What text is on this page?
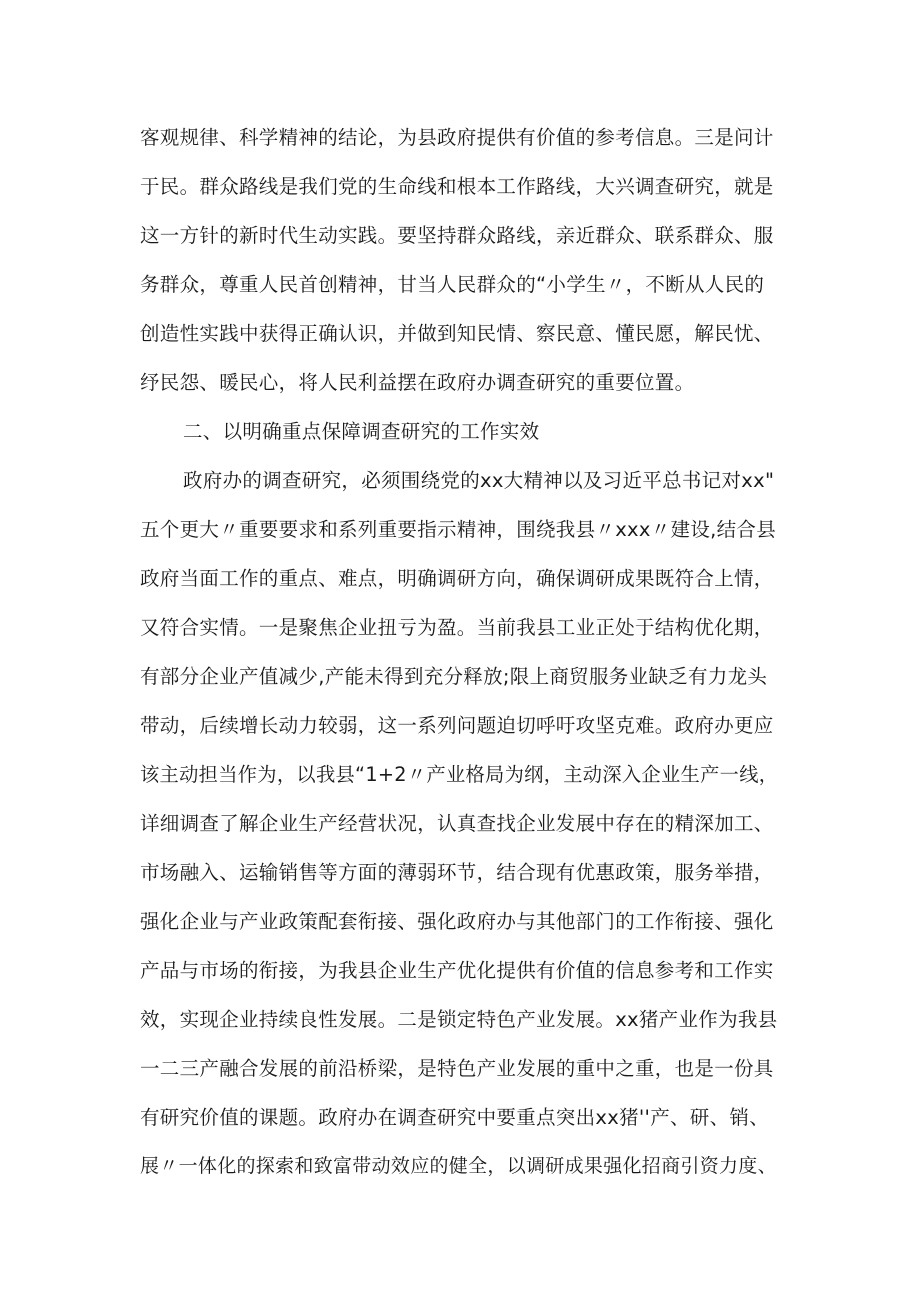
客观规律、科学精神的结论，为县政府提供有价值的参考信息。三是问计
于民。群众路线是我们党的生命线和根本工作路线，大兴调查研究，就是
这一方针的新时代生动实践。要坚持群众路线，亲近群众、联系群众、服
务群众，尊重人民首创精神，甘当人民群众的“小学生〃，不断从人民的
创造性实践中获得正确认识，并做到知民情、察民意、懂民愿，解民忧、
纾民怨、暖民心，将人民利益摆在政府办调查研究的重要位置。
二、以明确重点保障调查研究的工作实效
政府办的调查研究，必须围绕党的xx大精神以及习近平总书记对xx"
五个更大〃重要要求和系列重要指示精神，围绕我县〃xxx〃建设,结合县
政府当面工作的重点、难点，明确调研方向，确保调研成果既符合上情，
又符合实情。一是聚焦企业扭亏为盈。当前我县工业正处于结构优化期，
有部分企业产值减少,产能未得到充分释放;限上商贸服务业缺乏有力龙头
带动，后续增长动力较弱，这一系列问题迫切呼吁攻坚克难。政府办更应
该主动担当作为，以我县“1+2〃产业格局为纲，主动深入企业生产一线，
详细调查了解企业生产经营状况，认真查找企业发展中存在的精深加工、
市场融入、运输销售等方面的薄弱环节，结合现有优惠政策，服务举措，
强化企业与产业政策配套衔接、强化政府办与其他部门的工作衔接、强化
产品与市场的衔接，为我县企业生产优化提供有价值的信息参考和工作实
效，实现企业持续良性发展。二是锁定特色产业发展。xx猪产业作为我县
一二三产融合发展的前沿桥梁，是特色产业发展的重中之重，也是一份具
有研究价值的课题。政府办在调查研究中要重点突出xx猪''产、研、销、
展〃一体化的探索和致富带动效应的健全，以调研成果强化招商引资力度、
